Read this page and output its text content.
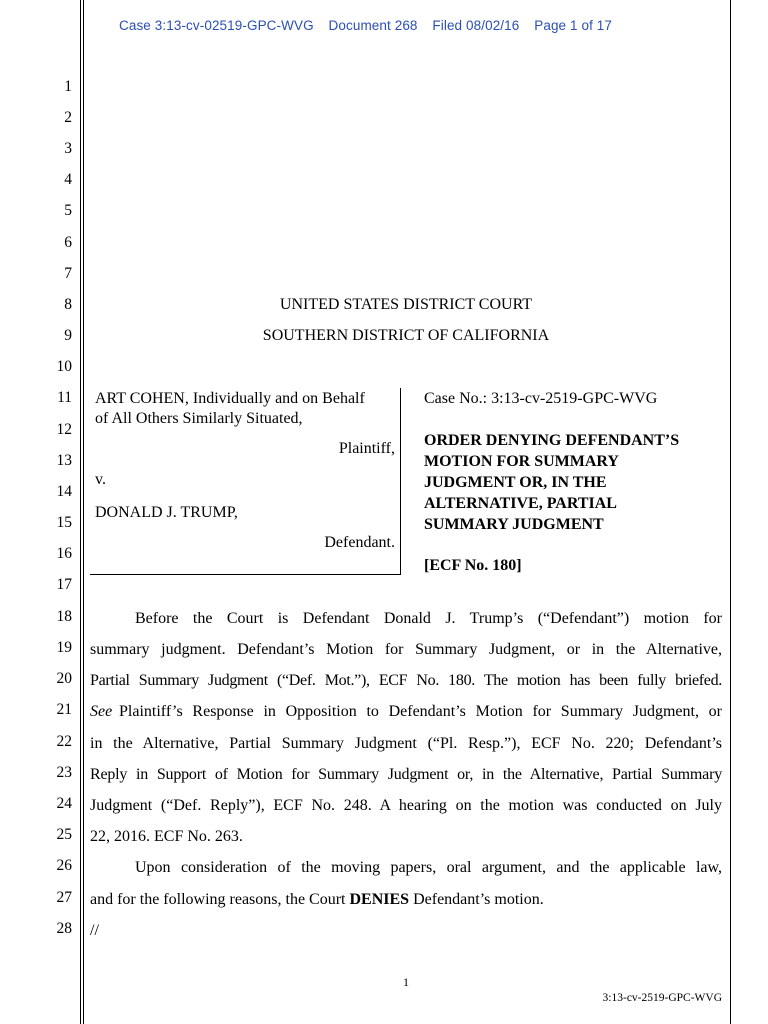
Case 3:13-cv-02519-GPC-WVG Document 268 Filed 08/02/16 Page 1 of 17
1
2
3
4
5
6
7
8
9
10
11
12
13
14
15
16
17
18
19
20
21
22
23
24
25
26
27
28
UNITED STATES DISTRICT COURT
SOUTHERN DISTRICT OF CALIFORNIA
ART COHEN, Individually and on Behalf
of All Others Similarly Situated,
Plaintiff,
v.
DONALD J. TRUMP,
Defendant.
Case No.: 3:13-cv-2519-GPC-WVG
ORDER DENYING DEFENDANT’S
MOTION FOR SUMMARY
JUDGMENT OR, IN THE
ALTERNATIVE, PARTIAL
SUMMARY JUDGMENT
[ECF No. 180]
Before the Court is Defendant Donald J. Trump’s (“Defendant”) motion for
summary judgment. Defendant’s Motion for Summary Judgment, or in the Alternative,
Partial Summary Judgment (“Def. Mot.”), ECF No. 180. The motion has been fully briefed.
See Plaintiff’s Response in Opposition to Defendant’s Motion for Summary Judgment, or
in the Alternative, Partial Summary Judgment (“Pl. Resp.”), ECF No. 220; Defendant’s
Reply in Support of Motion for Summary Judgment or, in the Alternative, Partial Summary
Judgment (“Def. Reply”), ECF No. 248. A hearing on the motion was conducted on July
22, 2016. ECF No. 263.
Upon consideration of the moving papers, oral argument, and the applicable law,
and for the following reasons, the Court DENIES Defendant’s motion.
//
1
3:13-cv-2519-GPC-WVG
